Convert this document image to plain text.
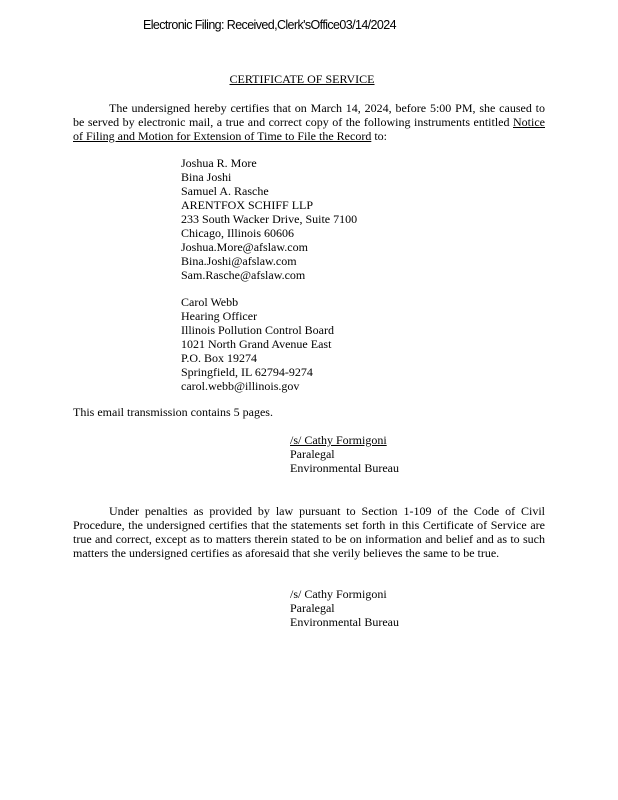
Electronic Filing: Received,Clerk'sOffice03/14/2024
CERTIFICATE OF SERVICE
The undersigned hereby certifies that on March 14, 2024, before 5:00 PM, she caused to be served by electronic mail, a true and correct copy of the following instruments entitled Notice of Filing and Motion for Extension of Time to File the Record to:
Joshua R. More
Bina Joshi
Samuel A. Rasche
ARENTFOX SCHIFF LLP
233 South Wacker Drive, Suite 7100
Chicago, Illinois 60606
Joshua.More@afslaw.com
Bina.Joshi@afslaw.com
Sam.Rasche@afslaw.com
Carol Webb
Hearing Officer
Illinois Pollution Control Board
1021 North Grand Avenue East
P.O. Box 19274
Springfield, IL 62794-9274
carol.webb@illinois.gov
This email transmission contains 5 pages.
/s/ Cathy Formigoni
Paralegal
Environmental Bureau
Under penalties as provided by law pursuant to Section 1-109 of the Code of Civil Procedure, the undersigned certifies that the statements set forth in this Certificate of Service are true and correct, except as to matters therein stated to be on information and belief and as to such matters the undersigned certifies as aforesaid that she verily believes the same to be true.
/s/ Cathy Formigoni
Paralegal
Environmental Bureau
